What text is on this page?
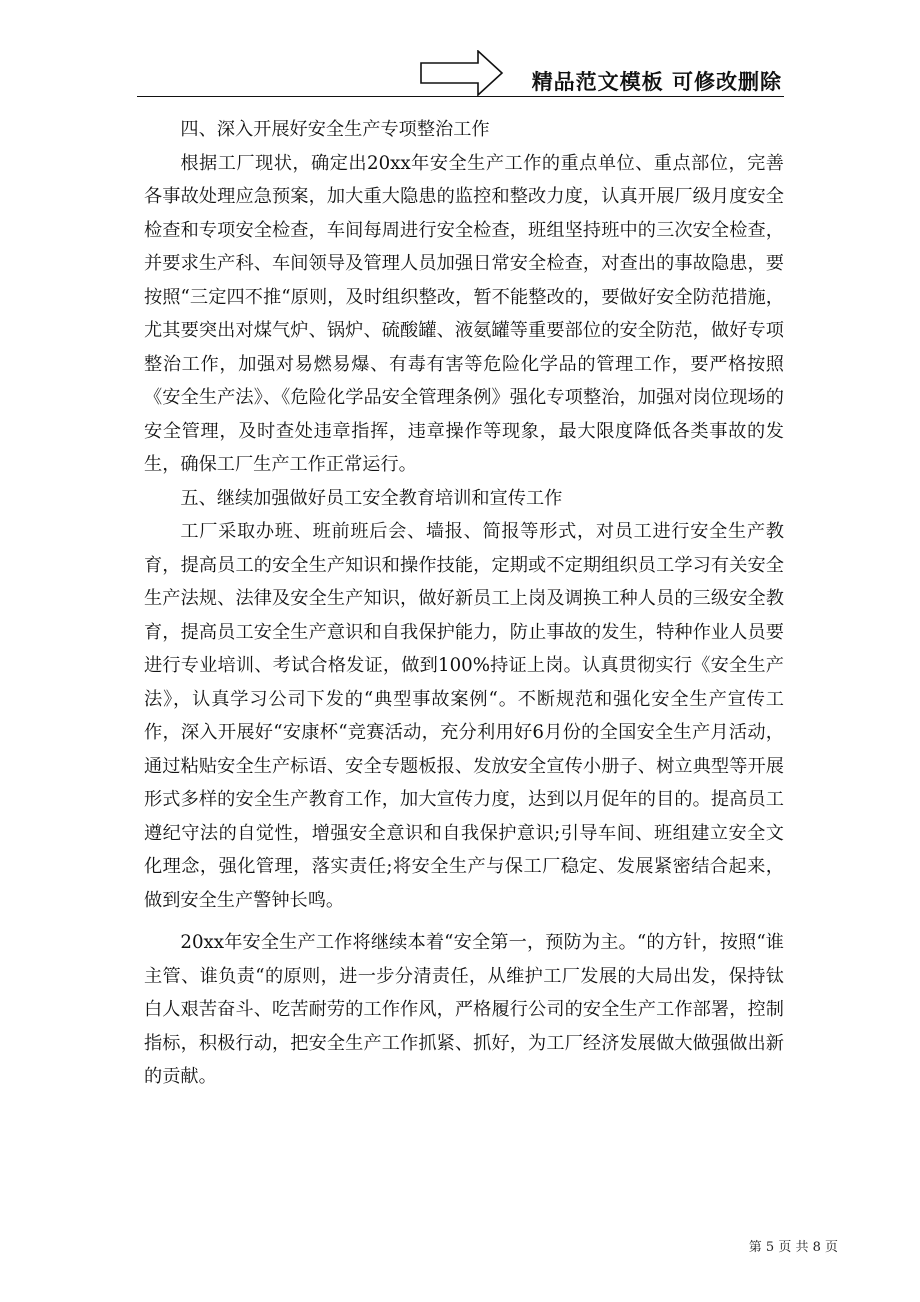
精品范文模板 可修改删除

四、深入开展好安全生产专项整治工作

根据工厂现状，确定出20xx年安全生产工作的重点单位、重点部位，完善各事故处理应急预案，加大重大隐患的监控和整改力度，认真开展厂级月度安全检查和专项安全检查，车间每周进行安全检查，班组坚持班中的三次安全检查，并要求生产科、车间领导及管理人员加强日常安全检查，对查出的事故隐患，要按照“三定四不推“原则，及时组织整改，暂不能整改的，要做好安全防范措施，尤其要突出对煤气炉、锅炉、硫酸罐、液氨罐等重要部位的安全防范，做好专项整治工作，加强对易燃易爆、有毒有害等危险化学品的管理工作，要严格按照《安全生产法》、《危险化学品安全管理条例》强化专项整治，加强对岗位现场的安全管理，及时查处违章指挥，违章操作等现象，最大限度降低各类事故的发生，确保工厂生产工作正常运行。

五、继续加强做好员工安全教育培训和宣传工作

工厂采取办班、班前班后会、墙报、简报等形式，对员工进行安全生产教育，提高员工的安全生产知识和操作技能，定期或不定期组织员工学习有关安全生产法规、法律及安全生产知识，做好新员工上岗及调换工种人员的三级安全教育，提高员工安全生产意识和自我保护能力，防止事故的发生，特种作业人员要进行专业培训、考试合格发证，做到100%持证上岗。认真贯彻实行《安全生产法》，认真学习公司下发的“典型事故案例“。不断规范和强化安全生产宣传工作，深入开展好“安康杯“竞赛活动，充分利用好6月份的全国安全生产月活动，通过粘贴安全生产标语、安全专题板报、发放安全宣传小册子、树立典型等开展形式多样的安全生产教育工作，加大宣传力度，达到以月促年的目的。提高员工遵纪守法的自觉性，增强安全意识和自我保护意识;引导车间、班组建立安全文化理念，强化管理，落实责任;将安全生产与保工厂稳定、发展紧密结合起来，做到安全生产警钟长鸣。

20xx年安全生产工作将继续本着“安全第一，预防为主。“的方针，按照“谁主管、谁负责“的原则，进一步分清责任，从维护工厂发展的大局出发，保持钛白人艰苦奋斗、吃苦耐劳的工作作风，严格履行公司的安全生产工作部署，控制指标，积极行动，把安全生产工作抓紧、抓好，为工厂经济发展做大做强做出新的贡献。

第 5 页 共 8 页
